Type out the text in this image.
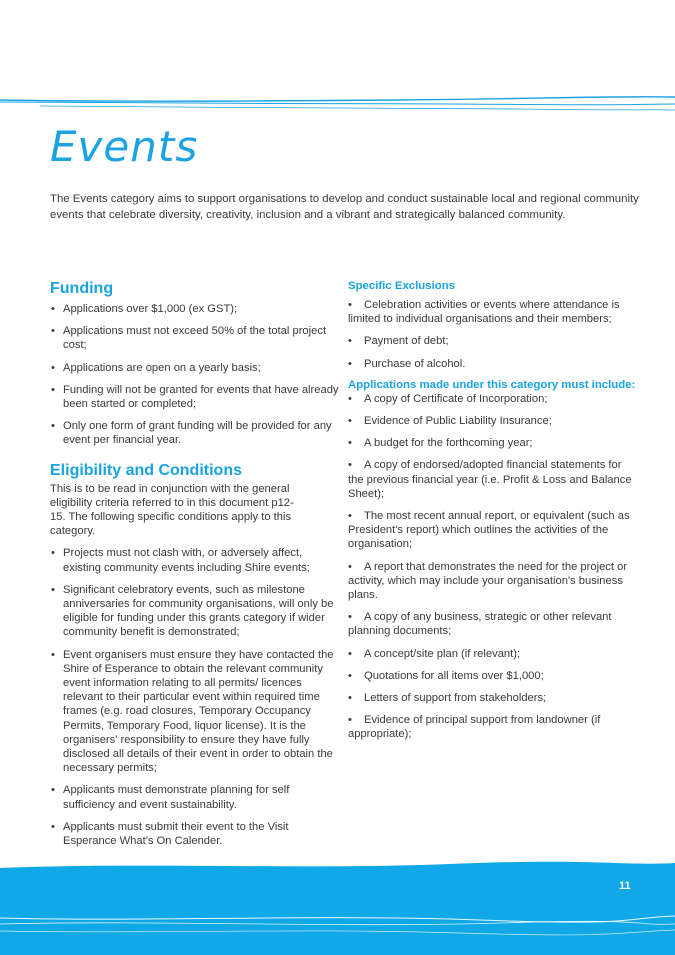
Events

The Events category aims to support organisations to develop and conduct sustainable local and regional community events that celebrate diversity, creativity, inclusion and a vibrant and strategically balanced community.

Funding
• Applications over $1,000 (ex GST);
• Applications must not exceed 50% of the total project cost;
• Applications are open on a yearly basis;
• Funding will not be granted for events that have already been started or completed;
• Only one form of grant funding will be provided for any event per financial year.
Eligibility and Conditions

This is to be read in conjunction with the general eligibility criteria referred to in this document p12-15. The following specific conditions apply to this category.

• Projects must not clash with, or adversely affect, existing community events including Shire events;
• Significant celebratory events, such as milestone anniversaries for community organisations, will only be eligible for funding under this grants category if wider community benefit is demonstrated;
• Event organisers must ensure they have contacted the Shire of Esperance to obtain the relevant community event information relating to all permits/ licences relevant to their particular event within required time frames (e.g. road closures, Temporary Occupancy Permits, Temporary Food, liquor license). It is the organisers' responsibility to ensure they have fully disclosed all details of their event in order to obtain the necessary permits;
• Applicants must demonstrate planning for self sufficiency and event sustainability.
• Applicants must submit their event to the Visit Esperance What's On Calender.
Specific Exclusions
• Celebration activities or events where attendance is limited to individual organisations and their members;
• Payment of debt;
• Purchase of alcohol.
Applications made under this category must include:
• A copy of Certificate of Incorporation;
• Evidence of Public Liability Insurance;
• A budget for the forthcoming year;
• A copy of endorsed/adopted financial statements for the previous financial year (i.e. Profit & Loss and Balance Sheet);
• The most recent annual report, or equivalent (such as President's report) which outlines the activities of the organisation;
• A report that demonstrates the need for the project or activity, which may include your organisation's business plans.
• A copy of any business, strategic or other relevant planning documents;
• A concept/site plan (if relevant);
• Quotations for all items over $1,000;
• Letters of support from stakeholders;
• Evidence of principal support from landowner (if appropriate);
11
